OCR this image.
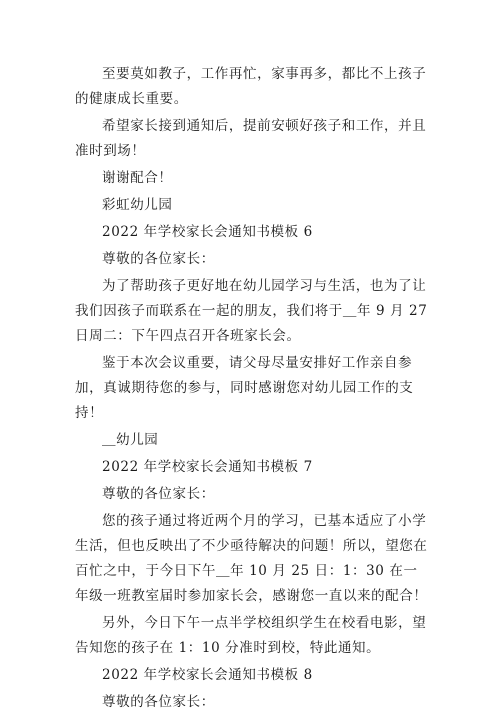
至要莫如教子，工作再忙，家事再多，都比不上孩子的健康成长重要。

希望家长接到通知后，提前安顿好孩子和工作，并且准时到场！

谢谢配合！
彩虹幼儿园
2022 年学校家长会通知书模板 6
尊敬的各位家长：

为了帮助孩子更好地在幼儿园学习与生活，也为了让我们因孩子而联系在一起的朋友，我们将于＿年 9 月 27 日周二：下午四点召开各班家长会。

鉴于本次会议重要，请父母尽量安排好工作亲自参加，真诚期待您的参与，同时感谢您对幼儿园工作的支持！

＿幼儿园
2022 年学校家长会通知书模板 7
尊敬的各位家长：

您的孩子通过将近两个月的学习，已基本适应了小学生活，但也反映出了不少亟待解决的问题！所以，望您在百忙之中，于今日下午＿年 10 月 25 日：1：30 在一年级一班教室届时参加家长会，感谢您一直以来的配合！

另外，今日下午一点半学校组织学生在校看电影，望告知您的孩子在 1：10 分准时到校，特此通知。

2022 年学校家长会通知书模板 8
尊敬的各位家长：
